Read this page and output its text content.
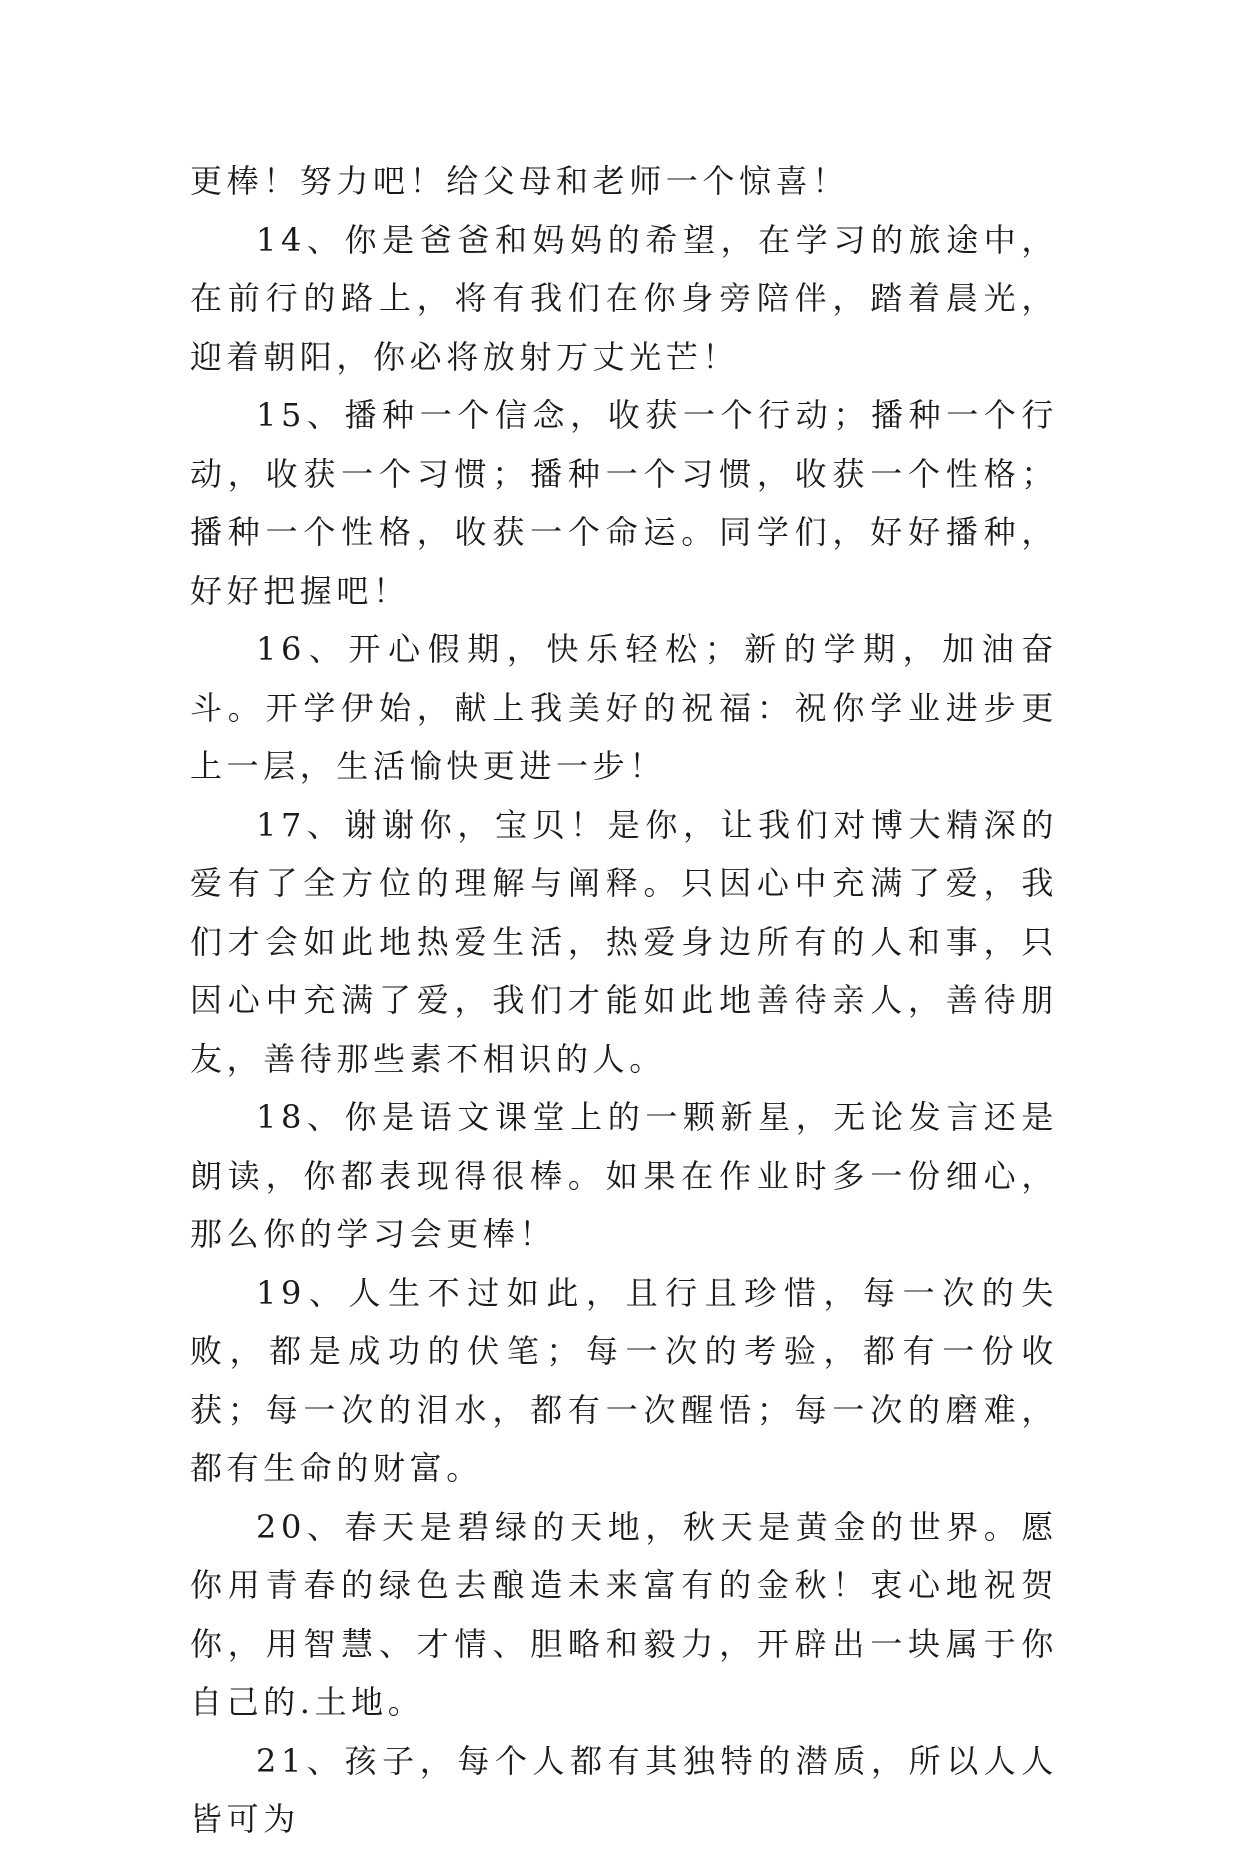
更棒！努力吧！给父母和老师一个惊喜！

14、你是爸爸和妈妈的希望，在学习的旅途中，在前行的路上，将有我们在你身旁陪伴，踏着晨光，迎着朝阳，你必将放射万丈光芒！

15、播种一个信念，收获一个行动；播种一个行动，收获一个习惯；播种一个习惯，收获一个性格；播种一个性格，收获一个命运。同学们，好好播种，好好把握吧！

16、开心假期，快乐轻松；新的学期，加油奋斗。开学伊始，献上我美好的祝福：祝你学业进步更上一层，生活愉快更进一步！

17、谢谢你，宝贝！是你，让我们对博大精深的爱有了全方位的理解与阐释。只因心中充满了爱，我们才会如此地热爱生活，热爱身边所有的人和事，只因心中充满了爱，我们才能如此地善待亲人，善待朋友，善待那些素不相识的人。

18、你是语文课堂上的一颗新星，无论发言还是朗读，你都表现得很棒。如果在作业时多一份细心，那么你的学习会更棒！

19、人生不过如此，且行且珍惜，每一次的失败，都是成功的伏笔；每一次的考验，都有一份收获；每一次的泪水，都有一次醒悟；每一次的磨难，都有生命的财富。

20、春天是碧绿的天地，秋天是黄金的世界。愿你用青春的绿色去酿造未来富有的金秋！衷心地祝贺你，用智慧、才情、胆略和毅力，开辟出一块属于你自己的.土地。

21、孩子，每个人都有其独特的潜质，所以人人皆可为
